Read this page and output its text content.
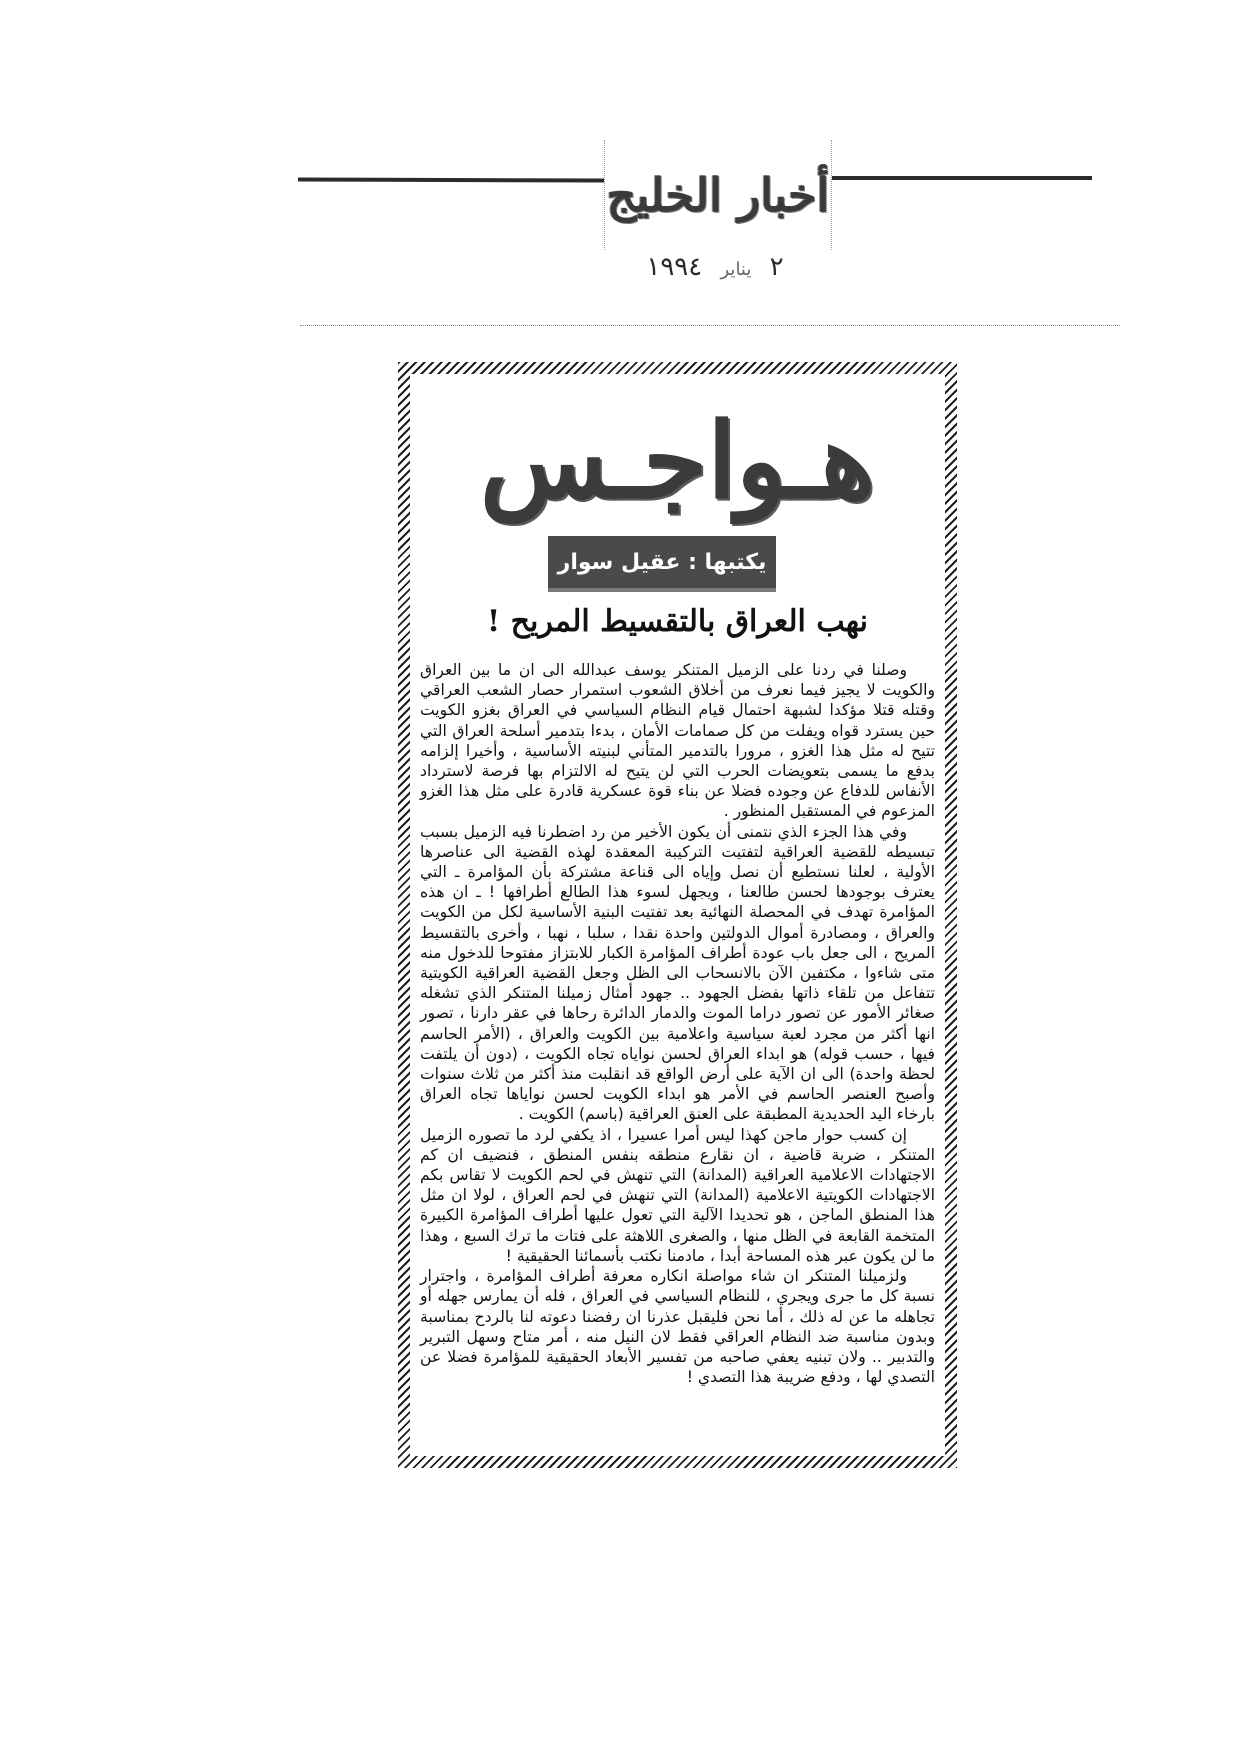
أخبار الخليج
٢ يناير ١٩٩٤
هـواجـس
يكتبها : عقيل سوار
نهب العراق بالتقسيط المريح !

وصلنا في ردنا على الزميل المتنكر يوسف عبدالله الى ان ما بين العراق والكويت لا يجيز فيما نعرف من أخلاق الشعوب استمرار حصار الشعب العراقي وقتله قتلا مؤكدا لشبهة احتمال قيام النظام السياسي في العراق بغزو الكويت حين يسترد قواه ويفلت من كل صمامات الأمان ، بدءا بتدمير أسلحة العراق التي تتيح له مثل هذا الغزو ، مرورا بالتدمير المتأني لبنيته الأساسية ، وأخيرا إلزامه بدفع ما يسمى بتعويضات الحرب التي لن يتيح له الالتزام بها فرصة لاسترداد الأنفاس للدفاع عن وجوده فضلا عن بناء قوة عسكرية قادرة على مثل هذا الغزو المزعوم في المستقبل المنظور .

وفي هذا الجزء الذي نتمنى أن يكون الأخير من رد اضطرنا فيه الزميل بسبب تبسيطه للقضية العراقية لتفتيت التركيبة المعقدة لهذه القضية الى عناصرها الأولية ، لعلنا نستطيع أن نصل وإياه الى قناعة مشتركة بأن المؤامرة ـ التي يعترف بوجودها لحسن طالعنا ، ويجهل لسوء هذا الطالع أطرافها ! ـ ان هذه المؤامرة تهدف في المحصلة النهائية بعد تفتيت البنية الأساسية لكل من الكويت والعراق ، ومصادرة أموال الدولتين واحدة نقدا ، سلبا ، نهبا ، وأخرى بالتقسيط المريح ، الى جعل باب عودة أطراف المؤامرة الكبار للابتزاز مفتوحا للدخول منه متى شاءوا ، مكتفين الآن بالانسحاب الى الظل وجعل القضية العراقية الكويتية تتفاعل من تلقاء ذاتها بفضل الجهود .. جهود أمثال زميلنا المتنكر الذي تشغله صغائر الأمور عن تصور دراما الموت والدمار الدائرة رحاها في عقر دارنا ، تصور انها أكثر من مجرد لعبة سياسية واعلامية بين الكويت والعراق ، (الأمر الحاسم فيها ، حسب قوله) هو ابداء العراق لحسن نواياه تجاه الكويت ، (دون أن يلتفت لحظة واحدة) الى ان الآية على أرض الواقع قد انقلبت منذ أكثر من ثلاث سنوات وأصبح العنصر الحاسم في الأمر هو ابداء الكويت لحسن نواياها تجاه العراق بارخاء اليد الحديدية المطبقة على العنق العراقية (باسم) الكويت .

إن كسب حوار ماجن كهذا ليس أمرا عسيرا ، اذ يكفي لرد ما تصوره الزميل المتنكر ، ضربة قاضية ، ان نقارع منطقه بنفس المنطق ، فنضيف ان كم الاجتهادات الاعلامية العراقية (المدانة) التي تنهش في لحم الكويت لا تقاس بكم الاجتهادات الكويتية الاعلامية (المدانة) التي تنهش في لحم العراق ، لولا ان مثل هذا المنطق الماجن ، هو تحديدا الآلية التي تعول عليها أطراف المؤامرة الكبيرة المتخمة القابعة في الظل منها ، والصغرى اللاهثة على فتات ما ترك السبع ، وهذا ما لن يكون عبر هذه المساحة أبدا ، مادمنا نكتب بأسمائنا الحقيقية !

ولزميلنا المتنكر ان شاء مواصلة انكاره معرفة أطراف المؤامرة ، واجترار نسبة كل ما جرى ويجري ، للنظام السياسي في العراق ، فله أن يمارس جهله أو تجاهله ما عن له ذلك ، أما نحن فليقبل عذرنا ان رفضنا دعوته لنا بالردح بمناسبة وبدون مناسبة ضد النظام العراقي فقط لان النيل منه ، أمر متاح وسهل التبرير والتدبير .. ولان تبنيه يعفي صاحبه من تفسير الأبعاد الحقيقية للمؤامرة فضلا عن التصدي لها ، ودفع ضريبة هذا التصدي !
